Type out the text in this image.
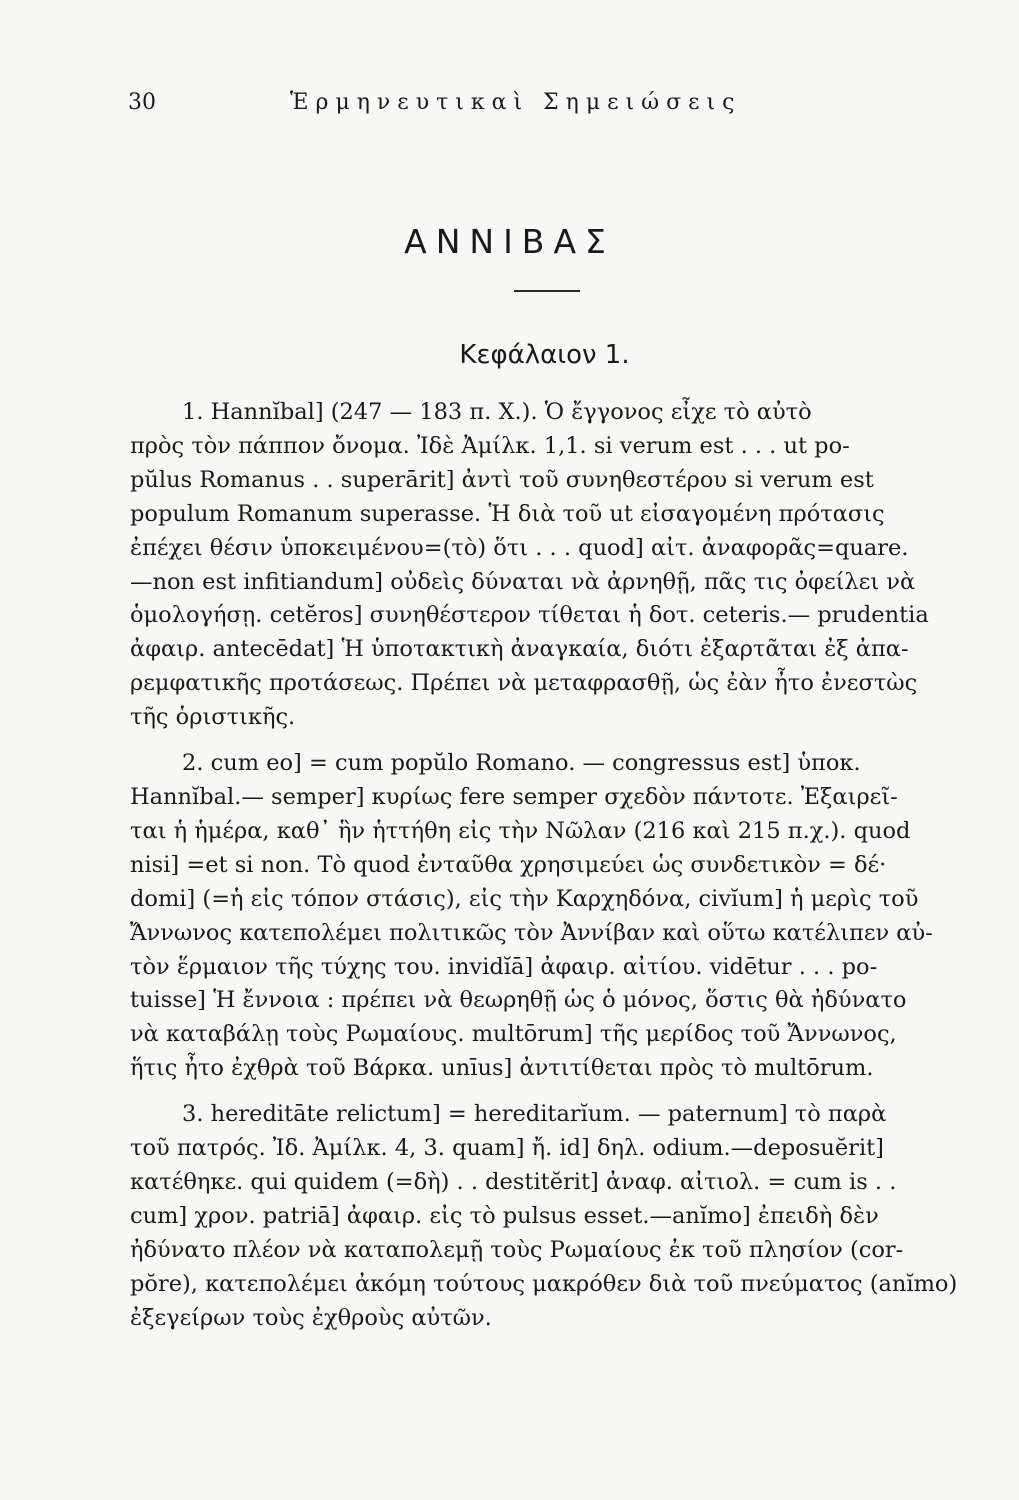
30	Ἑρμηνευτικαὶ Σημειώσεις
ΑΝΝΙΒΑΣ
Κεφάλαιον 1.
1. Hannĭbal] (247 — 183 π. Χ.). Ὁ ἔγγονος εἶχε τὸ αὐτὸ
πρὸς τὸν πάππον ὄνομα. Ἰδὲ Ἀμίλκ. 1,1. si verum est . . . ut po-
pŭlus Romanus . . superārit] ἀντὶ τοῦ συνηθεστέρου si verum est
populum Romanum superasse. Ἡ διὰ τοῦ ut εἰσαγομένη πρότασις
ἐπέχει θέσιν ὑποκειμένου=(τὸ) ὅτι . . . quod] αἰτ. ἀναφορᾶς=quare.
—non est infitiandum] οὐδεὶς δύναται νὰ ἀρνηθῇ, πᾶς τις ὀφείλει νὰ
ὁμολογήσῃ. cetĕros] συνηθέστερον τίθεται ἡ δοτ. ceteris.— prudentia
ἀφαιρ. antecēdat] Ἡ ὑποτακτικὴ ἀναγκαία, διότι ἐξαρτᾶται ἐξ ἀπα-
ρεμφατικῆς προτάσεως. Πρέπει νὰ μεταφρασθῇ, ὡς ἐὰν ἦτο ἐνεστὼς
τῆς ὁριστικῆς.
2. cum eo] = cum popŭlo Romano. — congressus est] ὑποκ.
Hannĭbal.— semper] κυρίως fere semper σχεδὸν πάντοτε. Ἐξαιρεῖ-
ται ἡ ἡμέρα, καθ᾽ ἣν ἡττήθη εἰς τὴν Νῶλαν (216 καὶ 215 π.χ.). quod
nisi] =et si non. Τὸ quod ἐνταῦθα χρησιμεύει ὡς συνδετικὸν = δέ·
domi] (=ἡ εἰς τόπον στάσις), εἰς τὴν Καρχηδόνα, civĭum] ἡ μερὶς τοῦ
Ἄννωνος κατεπολέμει πολιτικῶς τὸν Ἀννίβαν καὶ οὕτω κατέλιπεν αὐ-
τὸν ἕρμαιον τῆς τύχης του. invidĭā] ἀφαιρ. αἰτίου. vidētur . . . po-
tuisse] Ἡ ἔννοια : πρέπει νὰ θεωρηθῇ ὡς ὁ μόνος, ὅστις θὰ ἠδύνατο
νὰ καταβάλῃ τοὺς Ρωμαίους. multōrum] τῆς μερίδος τοῦ Ἄννωνος,
ἥτις ἦτο ἐχθρὰ τοῦ Βάρκα. unīus] ἀντιτίθεται πρὸς τὸ multōrum.
3. hereditāte relictum] = hereditarĭum. — paternum] τὸ παρὰ
τοῦ πατρός. Ἰδ. Ἀμίλκ. 4, 3. quam] ἤ. id] δηλ. odium.—deposuĕrit]
κατέθηκε. qui quidem (=δὴ) . . destitĕrit] ἀναφ. αἰτιολ. = cum is . .
cum] χρον. patriā] ἀφαιρ. εἰς τὸ pulsus esset.—anĭmo] ἐπειδὴ δὲν
ἠδύνατο πλέον νὰ καταπολεμῇ τοὺς Ρωμαίους ἐκ τοῦ πλησίον (cor-
pŏre), κατεπολέμει ἀκόμη τούτους μακρόθεν διὰ τοῦ πνεύματος (anĭmo)
ἐξεγείρων τοὺς ἐχθροὺς αὐτῶν.
